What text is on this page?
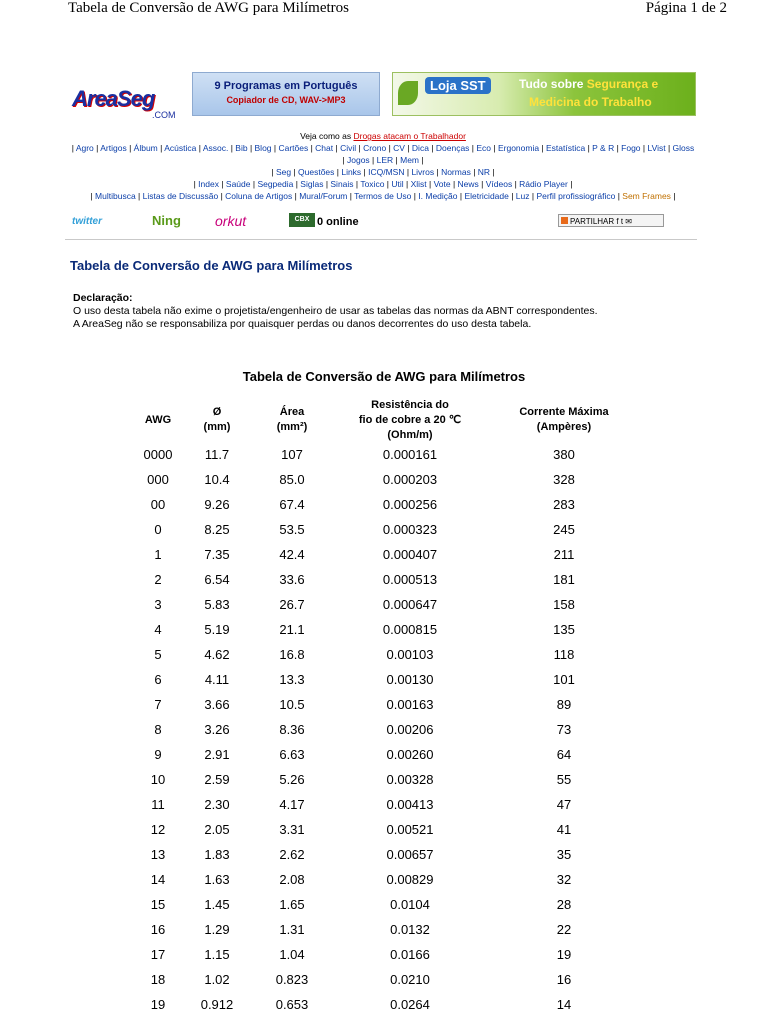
Tabela de Conversão de AWG para Milímetros	Página 1 de 2
AreaSeg
.COM
9 Programas em Português
Copiador de CD, WAV->MP3
Loja SST	Tudo sobre Segurança e
Medicina do Trabalho
Veja como as Drogas atacam o Trabalhador
| Agro | Artigos | Álbum | Acústica | Assoc. | Bib | Blog | Cartões | Chat | Civil | Crono | CV | Dica | Doenças | Eco | Ergonomia | Estatística | P & R | Fogo | LVist | Gloss | Jogos | LER | Mem |
| Seg | Questões | Links | ICQ/MSN | Livros | Normas | NR |
| Index | Saúde | Segpedia | Siglas | Sinais | Toxico | Util | Xlist | Vote | News | Vídeos | Rádio Player |
| Multibusca | Listas de Discussão | Coluna de Artigos | Mural/Forum | Termos de Uso | I. Medição | Eletricidade | Luz | Perfil profissiográfico | Sem Frames |
twitter	Ning orkut	CBX 0 online	PARTILHAR f t ✉
Tabela de Conversão de AWG para Milímetros
Declaração:
O uso desta tabela não exime o projetista/engenheiro de usar as tabelas das normas da ABNT correspondentes.
A AreaSeg não se responsabiliza por quaisquer perdas ou danos decorrentes do uso desta tabela.
Tabela de Conversão de AWG para Milímetros
AWG
Ø
(mm)
Área
(mm²)
Resistência do
fio de cobre a 20 ℃
(Ohm/m)
Corrente Máxima
(Ampères)
0000	11.7	107	0.000161	380
000	10.4	85.0	0.000203	328
00	9.26	67.4	0.000256	283
0	8.25	53.5	0.000323	245
1	7.35	42.4	0.000407	211
2	6.54	33.6	0.000513	181
3	5.83	26.7	0.000647	158
4	5.19	21.1	0.000815	135
5	4.62	16.8	0.00103	118
6	4.11	13.3	0.00130	101
7	3.66	10.5	0.00163	89
8	3.26	8.36	0.00206	73
9	2.91	6.63	0.00260	64
10	2.59	5.26	0.00328	55
11	2.30	4.17	0.00413	47
12	2.05	3.31	0.00521	41
13	1.83	2.62	0.00657	35
14	1.63	2.08	0.00829	32
15	1.45	1.65	0.0104	28
16	1.29	1.31	0.0132	22
17	1.15	1.04	0.0166	19
18	1.02	0.823	0.0210	16
19	0.912	0.653	0.0264	14
